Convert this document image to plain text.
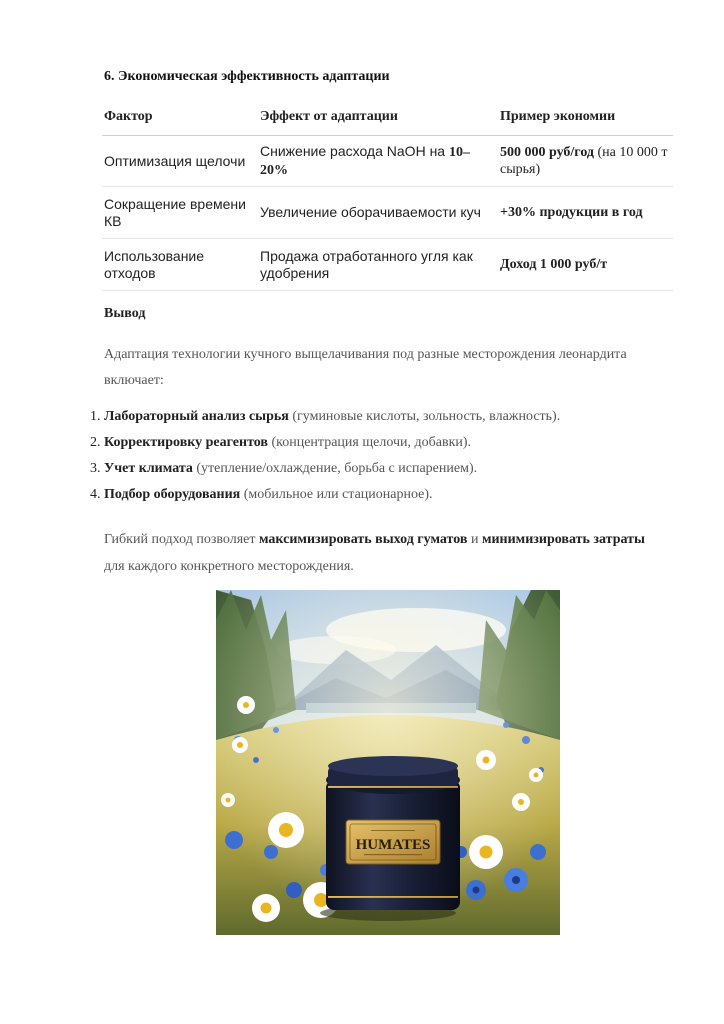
6. Экономическая эффективность адаптации
Фактор	Эффект от адаптации	Пример экономии
Оптимизация щелочи	Снижение расхода NaOH на 10–20%	500 000 руб/год (на 10 000 т сырья)
Сокращение времени КВ	Увеличение оборачиваемости куч	+30% продукции в год
Использование отходов	Продажа отработанного угля как удобрения	Доход 1 000 руб/т

Вывод

Адаптация технологии кучного выщелачивания под разные месторождения леонардита включает:

1. Лабораторный анализ сырья (гуминовые кислоты, зольность, влажность).
2. Корректировку реагентов (концентрация щелочи, добавки).
3. Учет климата (утепление/охлаждение, борьба с испарением).
4. Подбор оборудования (мобильное или стационарное).

Гибкий подход позволяет максимизировать выход гуматов и минимизировать затраты для каждого конкретного месторождения.

HUMATES
